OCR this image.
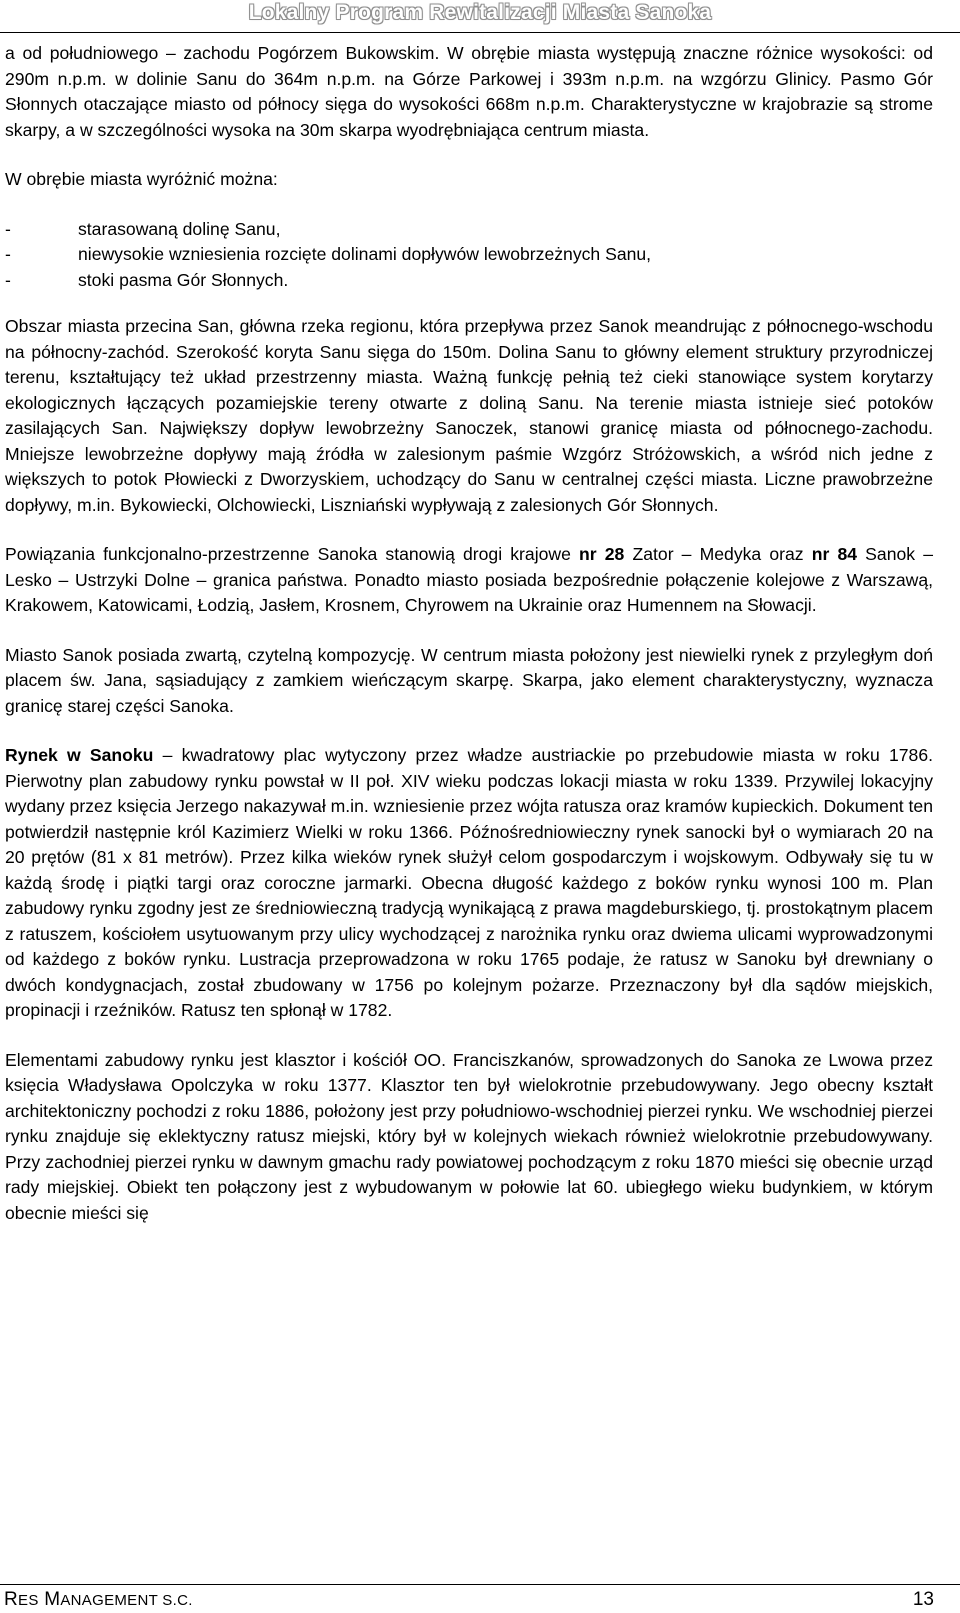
Lokalny Program Rewitalizacji Miasta Sanoka

a od południowego – zachodu Pogórzem Bukowskim. W obrębie miasta występują znaczne różnice wysokości: od 290m n.p.m. w dolinie Sanu do 364m n.p.m. na Górze Parkowej i 393m n.p.m. na wzgórzu Glinicy. Pasmo Gór Słonnych otaczające miasto od północy sięga do wysokości 668m n.p.m. Charakterystyczne w krajobrazie są strome skarpy, a w szczególności wysoka na 30m skarpa wyodrębniająca centrum miasta.

W obrębie miasta wyróżnić można:

-	starasowaną dolinę Sanu,
-	niewysokie wzniesienia rozcięte dolinami dopływów lewobrzeżnych Sanu,
-	stoki pasma Gór Słonnych.

Obszar miasta przecina San, główna rzeka regionu, która przepływa przez Sanok meandrując z północnego-wschodu na północny-zachód. Szerokość koryta Sanu sięga do 150m. Dolina Sanu to główny element struktury przyrodniczej terenu, kształtujący też układ przestrzenny miasta. Ważną funkcję pełnią też cieki stanowiące system korytarzy ekologicznych łączących pozamiejskie tereny otwarte z doliną Sanu. Na terenie miasta istnieje sieć potoków zasilających San. Największy dopływ lewobrzeżny Sanoczek, stanowi granicę miasta od północnego-zachodu. Mniejsze lewobrzeżne dopływy mają źródła w zalesionym paśmie Wzgórz Stróżowskich, a wśród nich jedne z większych to potok Płowiecki z Dworzyskiem, uchodzący do Sanu w centralnej części miasta. Liczne prawobrzeżne dopływy, m.in. Bykowiecki, Olchowiecki, Liszniański wypływają z zalesionych Gór Słonnych.

Powiązania funkcjonalno-przestrzenne Sanoka stanowią drogi krajowe nr 28 Zator – Medyka oraz nr 84 Sanok – Lesko – Ustrzyki Dolne – granica państwa. Ponadto miasto posiada bezpośrednie połączenie kolejowe z Warszawą, Krakowem, Katowicami, Łodzią, Jasłem, Krosnem, Chyrowem na Ukrainie oraz Humennem na Słowacji.

Miasto Sanok posiada zwartą, czytelną kompozycję. W centrum miasta położony jest niewielki rynek z przyległym doń placem św. Jana, sąsiadujący z zamkiem wieńczącym skarpę. Skarpa, jako element charakterystyczny, wyznacza granicę starej części Sanoka.

Rynek w Sanoku – kwadratowy plac wytyczony przez władze austriackie po przebudowie miasta w roku 1786. Pierwotny plan zabudowy rynku powstał w II poł. XIV wieku podczas lokacji miasta w roku 1339. Przywilej lokacyjny wydany przez księcia Jerzego nakazywał m.in. wzniesienie przez wójta ratusza oraz kramów kupieckich. Dokument ten potwierdził następnie król Kazimierz Wielki w roku 1366. Późnośredniowieczny rynek sanocki był o wymiarach 20 na 20 prętów (81 x 81 metrów). Przez kilka wieków rynek służył celom gospodarczym i wojskowym. Odbywały się tu w każdą środę i piątki targi oraz coroczne jarmarki. Obecna długość każdego z boków rynku wynosi 100 m. Plan zabudowy rynku zgodny jest ze średniowieczną tradycją wynikającą z prawa magdeburskiego, tj. prostokątnym placem z ratuszem, kościołem usytuowanym przy ulicy wychodzącej z narożnika rynku oraz dwiema ulicami wyprowadzonymi od każdego z boków rynku. Lustracja przeprowadzona w roku 1765 podaje, że ratusz w Sanoku był drewniany o dwóch kondygnacjach, został zbudowany w 1756 po kolejnym pożarze. Przeznaczony był dla sądów miejskich, propinacji i rzeźników. Ratusz ten spłonął w 1782.

Elementami zabudowy rynku jest klasztor i kościół OO. Franciszkanów, sprowadzonych do Sanoka ze Lwowa przez księcia Władysława Opolczyka w roku 1377. Klasztor ten był wielokrotnie przebudowywany. Jego obecny kształt architektoniczny pochodzi z roku 1886, położony jest przy południowo-wschodniej pierzei rynku. We wschodniej pierzei rynku znajduje się eklektyczny ratusz miejski, który był w kolejnych wiekach również wielokrotnie przebudowywany. Przy zachodniej pierzei rynku w dawnym gmachu rady powiatowej pochodzącym z roku 1870 mieści się obecnie urząd rady miejskiej. Obiekt ten połączony jest z wybudowanym w połowie lat 60. ubiegłego wieku budynkiem, w którym obecnie mieści się

RES MANAGEMENT S.C.	13
